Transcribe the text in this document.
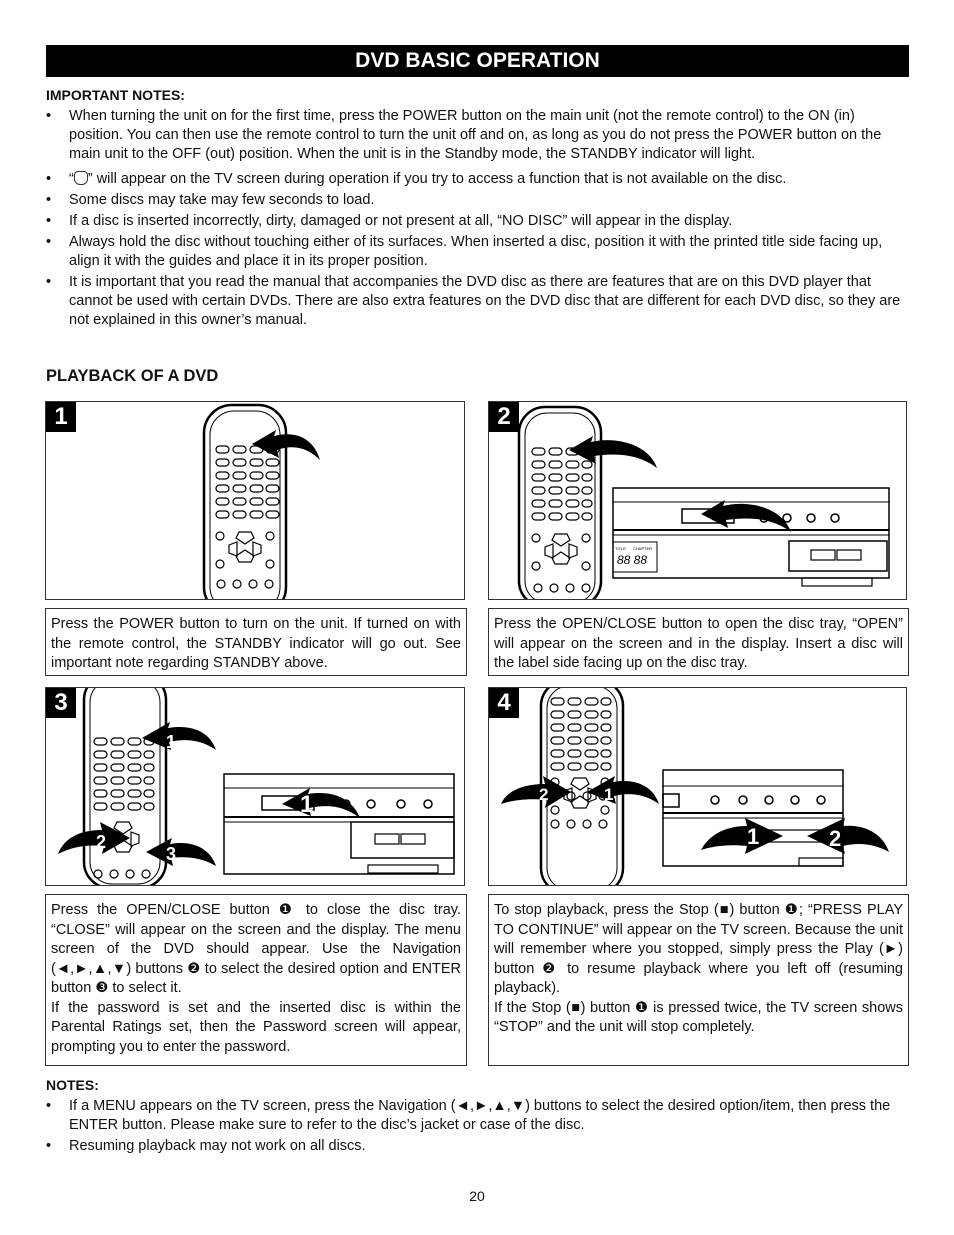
DVD BASIC OPERATION
IMPORTANT NOTES:
• When turning the unit on for the first time, press the POWER button on the main unit (not the remote control) to the ON (in) position. You can then use the remote control to turn the unit off and on, as long as you do not press the POWER button on the main unit to the OFF (out) position. When the unit is in the Standby mode, the STANDBY indicator will light.
• “ ” will appear on the TV screen during operation if you try to access a function that is not available on the disc.
• Some discs may take may few seconds to load.
• If a disc is inserted incorrectly, dirty, damaged or not present at all, “NO DISC” will appear in the display.
• Always hold the disc without touching either of its surfaces. When inserted a disc, position it with the printed title side facing up, align it with the guides and place it in its proper position.
• It is important that you read the manual that accompanies the DVD disc as there are features that are on this DVD player that cannot be used with certain DVDs. There are also extra features on the DVD disc that are different for each DVD disc, so they are not explained in this owner’s manual.
PLAYBACK OF A DVD
1

Press the POWER button to turn on the unit. If turned on with the remote control, the STANDBY indicator will go out. See important note regarding STANDBY above.

2
TITLE CHAPTER
88 88

Press the OPEN/CLOSE button to open the disc tray, “OPEN” will appear on the screen and in the display. Insert a disc will the label side facing up on the disc tray.

3
1
1
2
3

Press the OPEN/CLOSE button ❶ to close the disc tray. “CLOSE” will appear on the screen and the display. The menu screen of the DVD should appear. Use the Navigation (◄,►,▲,▼) buttons ❷ to select the desired option and ENTER button ❸ to select it.

If the password is set and the inserted disc is within the Parental Ratings set, then the Password screen will appear, prompting you to enter the password.

4
2	1
1	2

To stop playback, press the Stop (■) button ❶; “PRESS PLAY TO CONTINUE” will appear on the TV screen. Because the unit will remember where you stopped, simply press the Play (►) button ❷ to resume playback where you left off (resuming playback).

If the Stop (■) button ❶ is pressed twice, the TV screen shows “STOP” and the unit will stop completely.

NOTES:
• If a MENU appears on the TV screen, press the Navigation (◄,►,▲,▼) buttons to select the desired option/item, then press the ENTER button. Please make sure to refer to the disc’s jacket or case of the disc.
• Resuming playback may not work on all discs.
20
